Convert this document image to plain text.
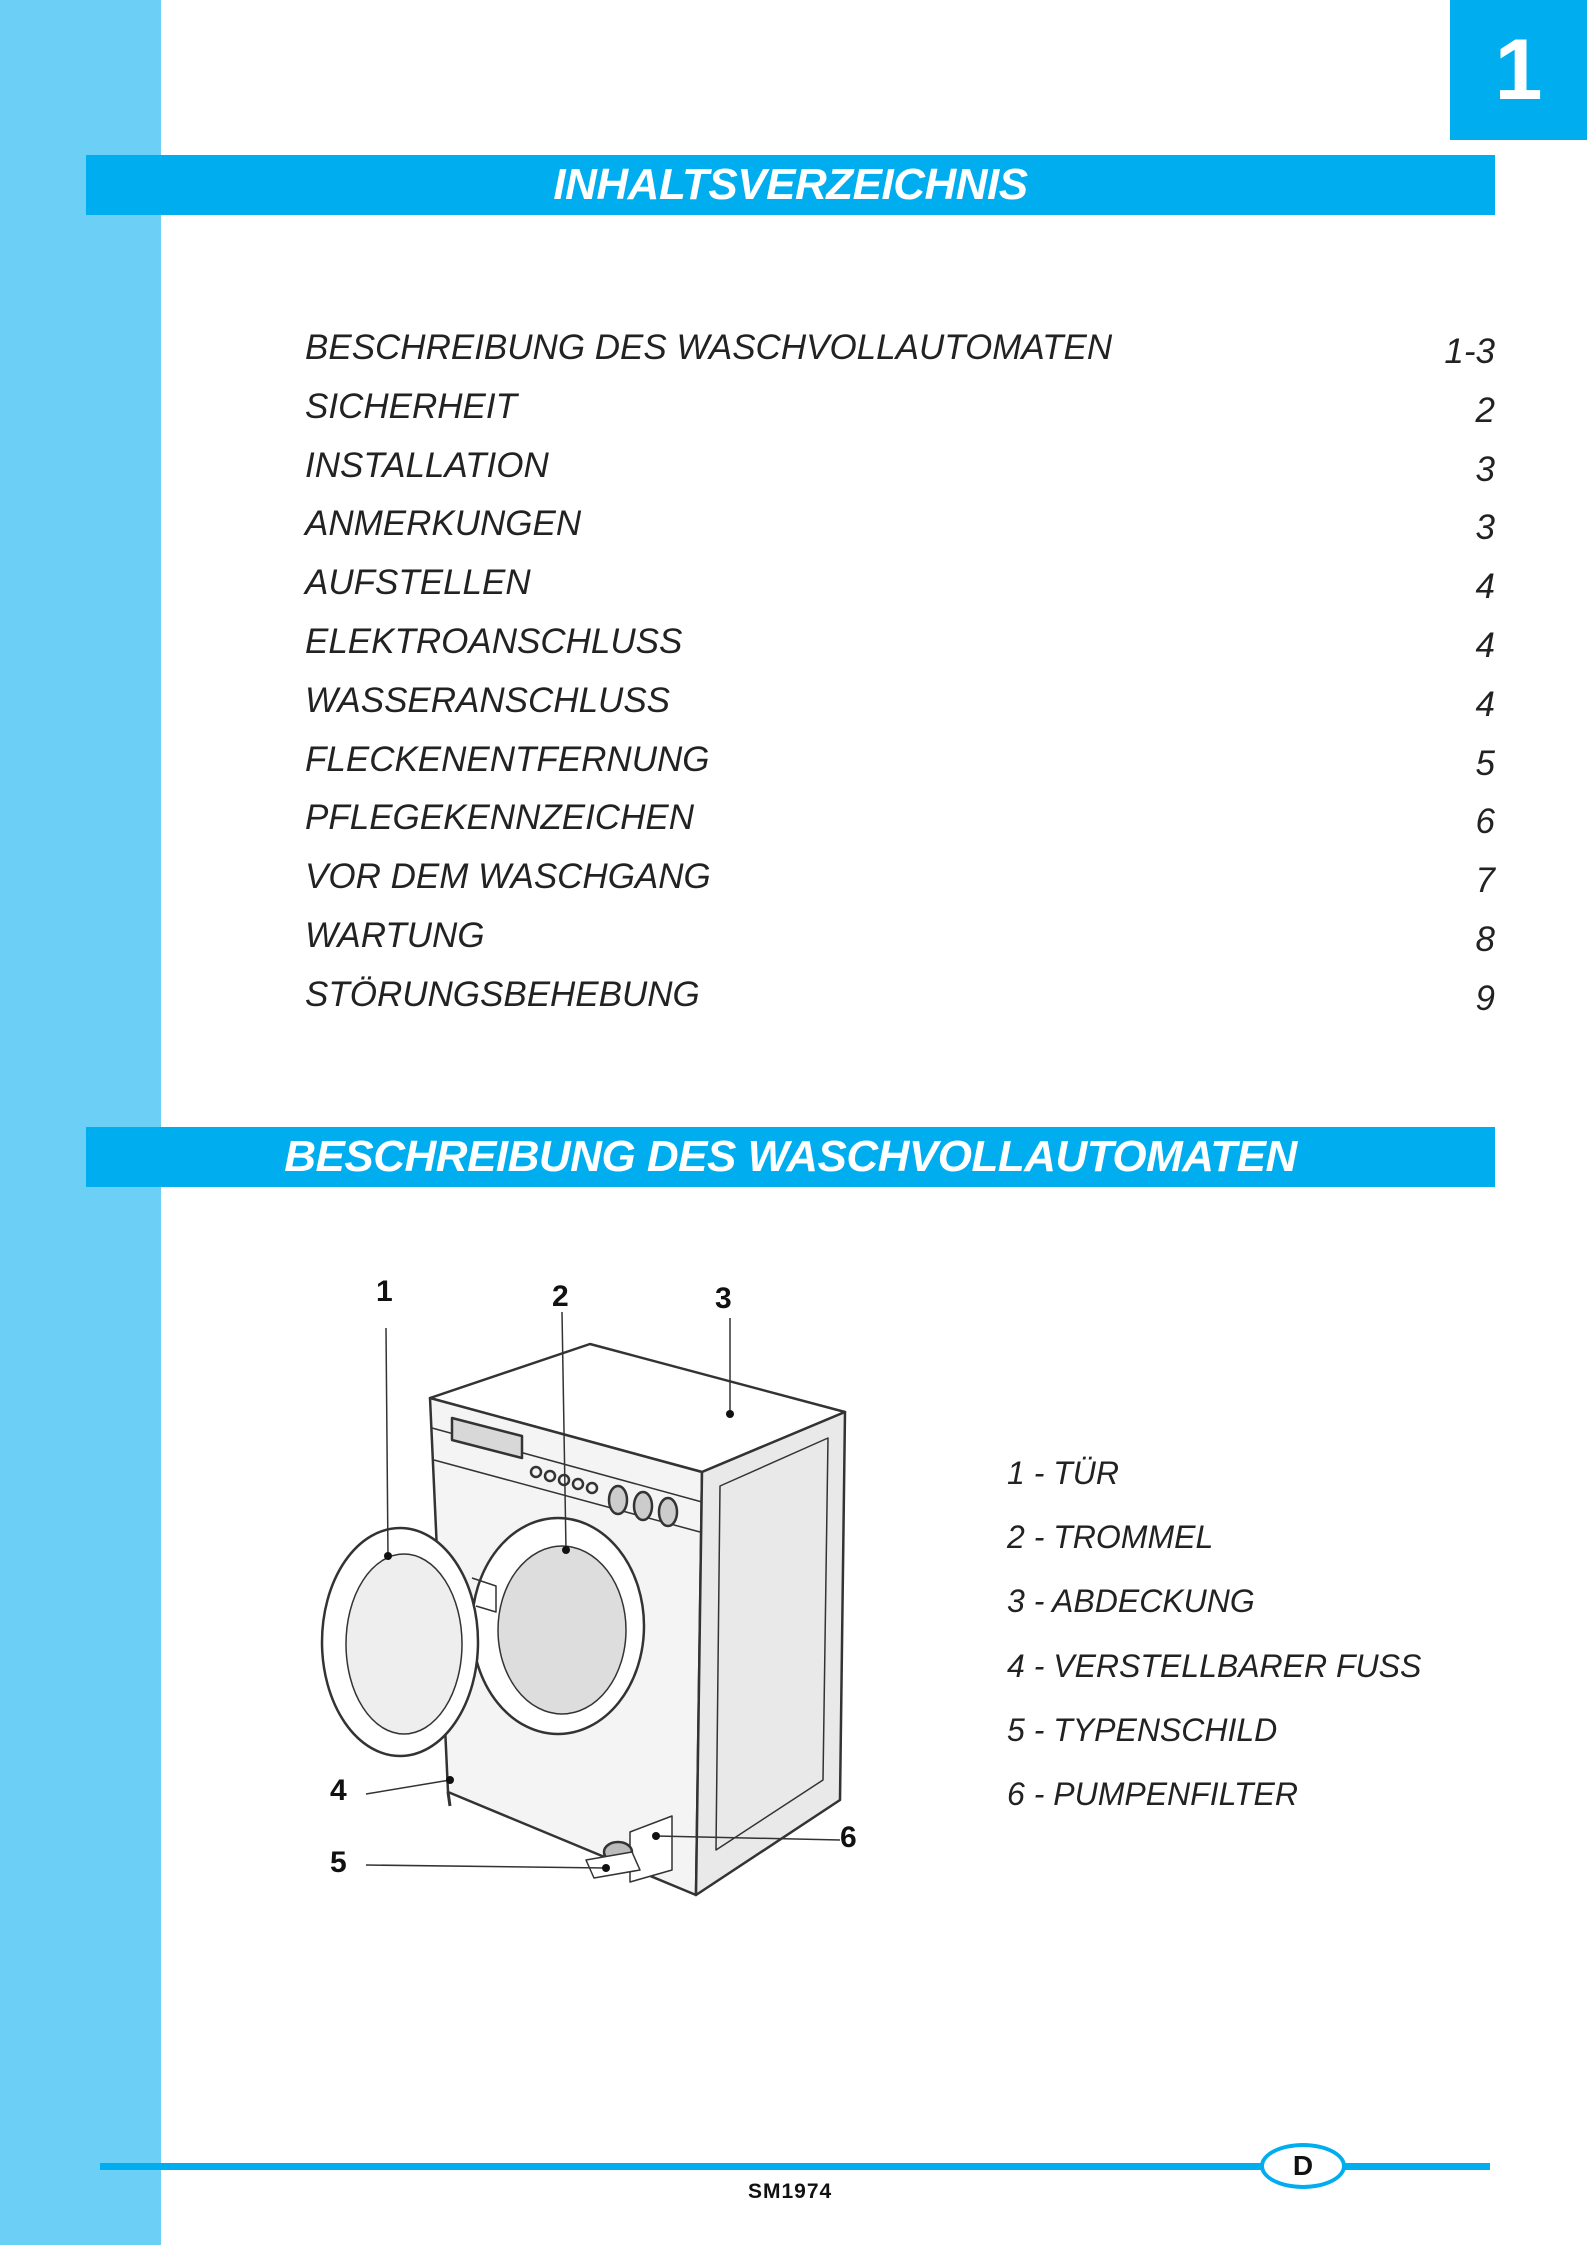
1
INHALTSVERZEICHNIS
BESCHREIBUNG DES WASCHVOLLAUTOMATEN	1-3
SICHERHEIT	2
INSTALLATION	3
ANMERKUNGEN	3
AUFSTELLEN	4
ELEKTROANSCHLUSS	4
WASSERANSCHLUSS	4
FLECKENENTFERNUNG	5
PFLEGEKENNZEICHEN	6
VOR DEM WASCHGANG	7
WARTUNG	8
STÖRUNGSBEHEBUNG	9
BESCHREIBUNG DES WASCHVOLLAUTOMATEN
1	2	3
4
5
6
1 - TÜR
2 - TROMMEL
3 - ABDECKUNG
4 - VERSTELLBARER FUSS
5 - TYPENSCHILD
6 - PUMPENFILTER
D
SM1974
